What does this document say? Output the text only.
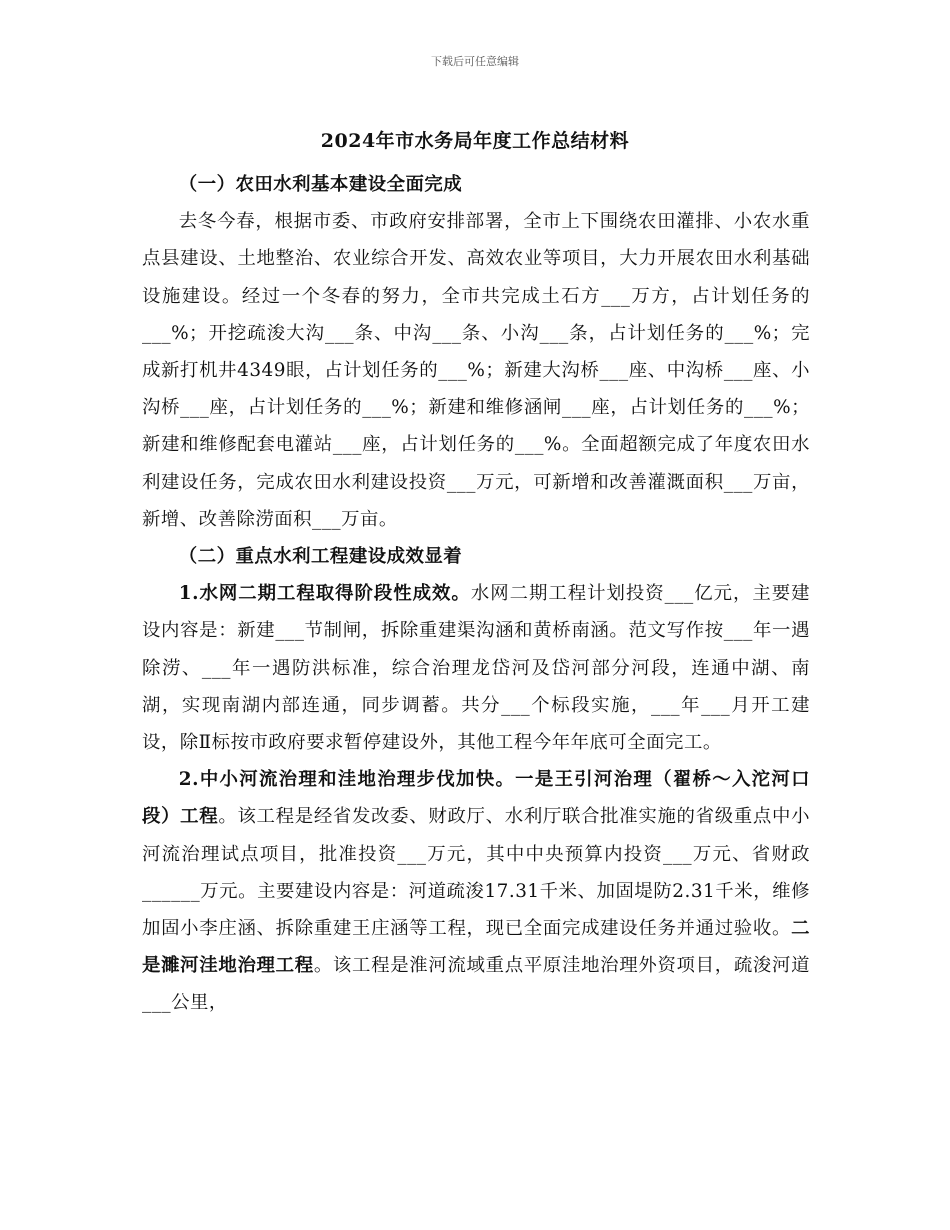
下载后可任意编辑
2024年市水务局年度工作总结材料

（一）农田水利基本建设全面完成

去冬今春，根据市委、市政府安排部署，全市上下围绕农田灌排、小农水重点县建设、土地整治、农业综合开发、高效农业等项目，大力开展农田水利基础设施建设。经过一个冬春的努力，全市共完成土石方___万方，占计划任务的___%；开挖疏浚大沟___条、中沟___条、小沟___条，占计划任务的___%；完成新打机井4349眼，占计划任务的___%；新建大沟桥___座、中沟桥___座、小沟桥___座，占计划任务的___%；新建和维修涵闸___座，占计划任务的___%；新建和维修配套电灌站___座，占计划任务的___%。全面超额完成了年度农田水利建设任务，完成农田水利建设投资___万元，可新增和改善灌溉面积___万亩，新增、改善除涝面积___万亩。

（二）重点水利工程建设成效显着

1.水网二期工程取得阶段性成效。水网二期工程计划投资___亿元，主要建设内容是：新建___节制闸，拆除重建渠沟涵和黄桥南涵。范文写作按___年一遇除涝、___年一遇防洪标准，综合治理龙岱河及岱河部分河段，连通中湖、南湖，实现南湖内部连通，同步调蓄。共分___个标段实施，___年___月开工建设，除Ⅱ标按市政府要求暂停建设外，其他工程今年年底可全面完工。

2.中小河流治理和洼地治理步伐加快。一是王引河治理（翟桥～入沱河口段）工程。该工程是经省发改委、财政厅、水利厅联合批准实施的省级重点中小河流治理试点项目，批准投资___万元，其中中央预算内投资___万元、省财政______万元。主要建设内容是：河道疏浚17.31千米、加固堤防2.31千米，维修加固小李庄涵、拆除重建王庄涵等工程，现已全面完成建设任务并通过验收。二是濉河洼地治理工程。该工程是淮河流域重点平原洼地治理外资项目，疏浚河道___公里，
